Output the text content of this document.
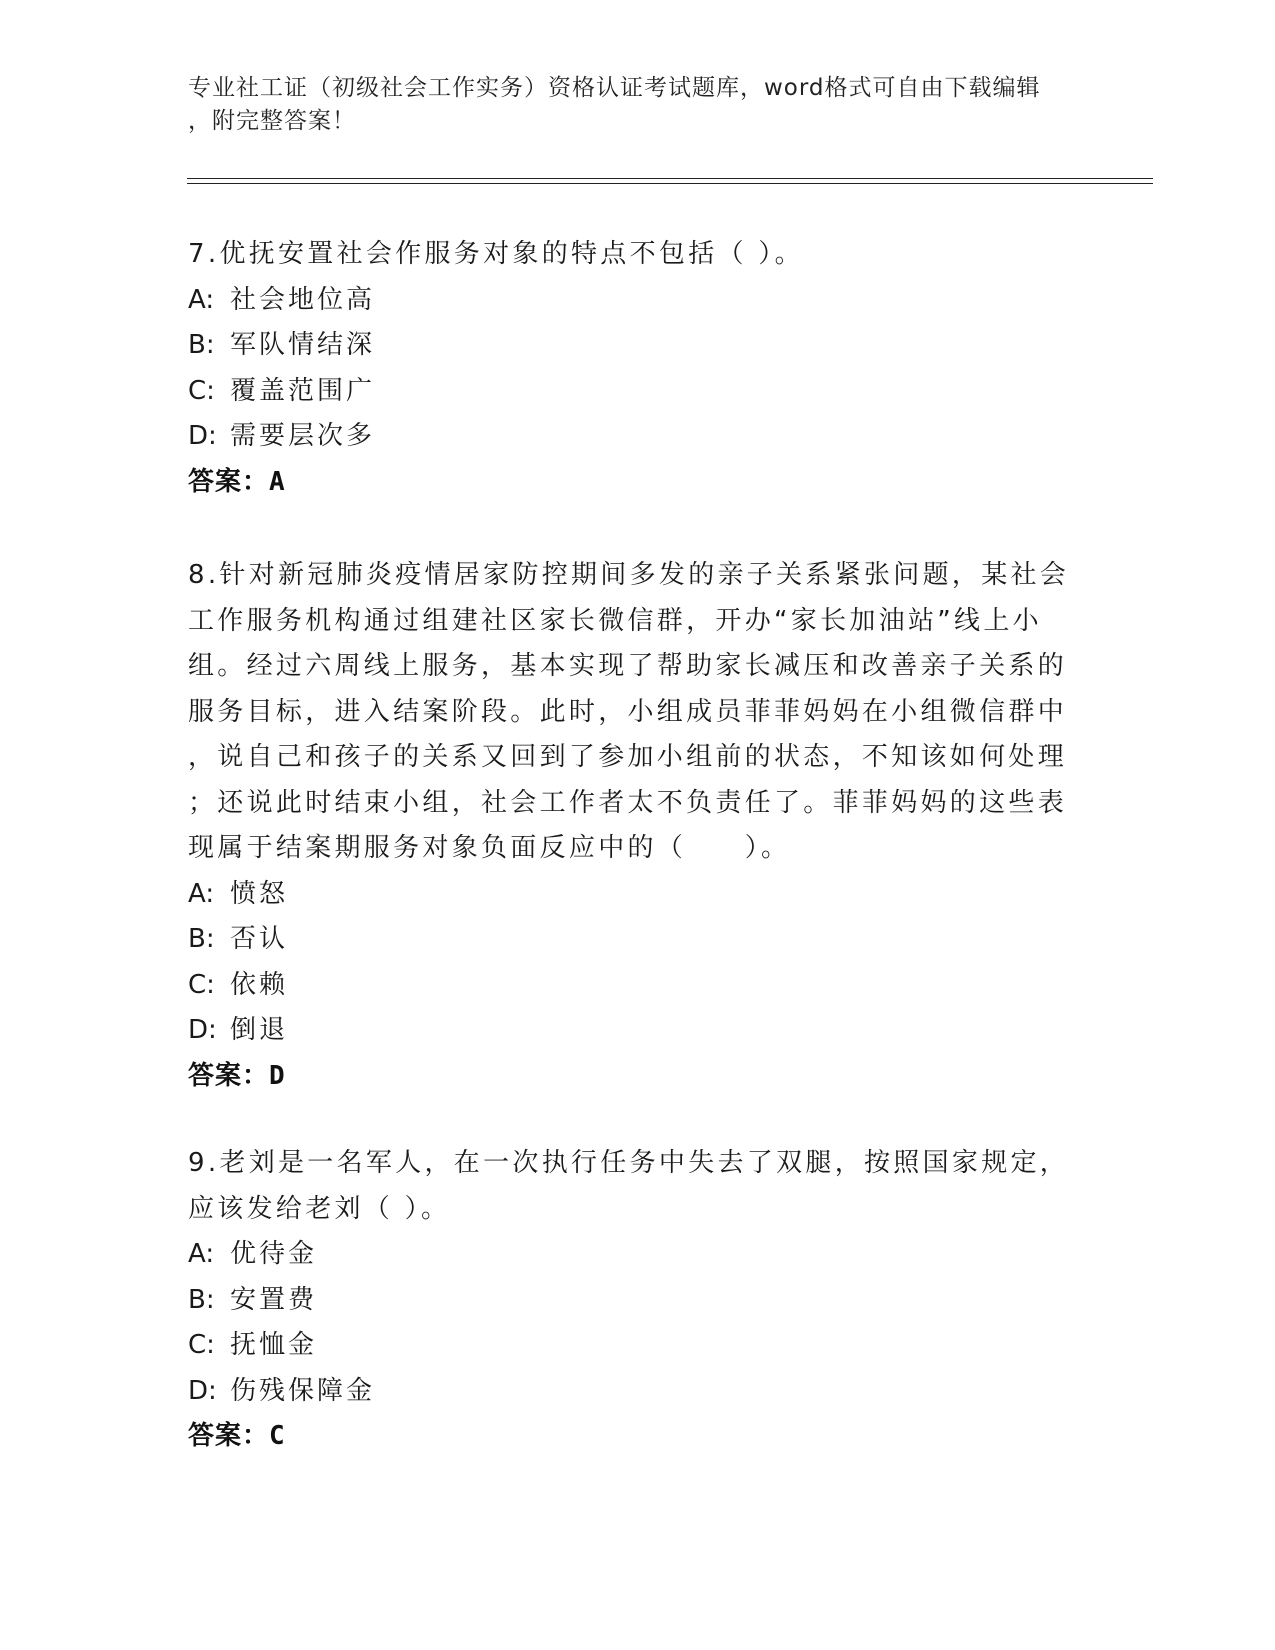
专业社工证（初级社会工作实务）资格认证考试题库，word格式可自由下载编辑
，附完整答案！
7.优抚安置社会作服务对象的特点不包括（ ）。
A: 社会地位高
B: 军队情结深
C: 覆盖范围广
D: 需要层次多
答案：A
8.针对新冠肺炎疫情居家防控期间多发的亲子关系紧张问题，某社会
工作服务机构通过组建社区家长微信群，开办“家长加油站”线上小
组。经过六周线上服务，基本实现了帮助家长减压和改善亲子关系的
服务目标，进入结案阶段。此时，小组成员菲菲妈妈在小组微信群中
，说自己和孩子的关系又回到了参加小组前的状态，不知该如何处理
；还说此时结束小组，社会工作者太不负责任了。菲菲妈妈的这些表
现属于结案期服务对象负面反应中的（　　）。
A: 愤怒
B: 否认
C: 依赖
D: 倒退
答案：D
9.老刘是一名军人，在一次执行任务中失去了双腿，按照国家规定，
应该发给老刘（ ）。
A: 优待金
B: 安置费
C: 抚恤金
D: 伤残保障金
答案：C
